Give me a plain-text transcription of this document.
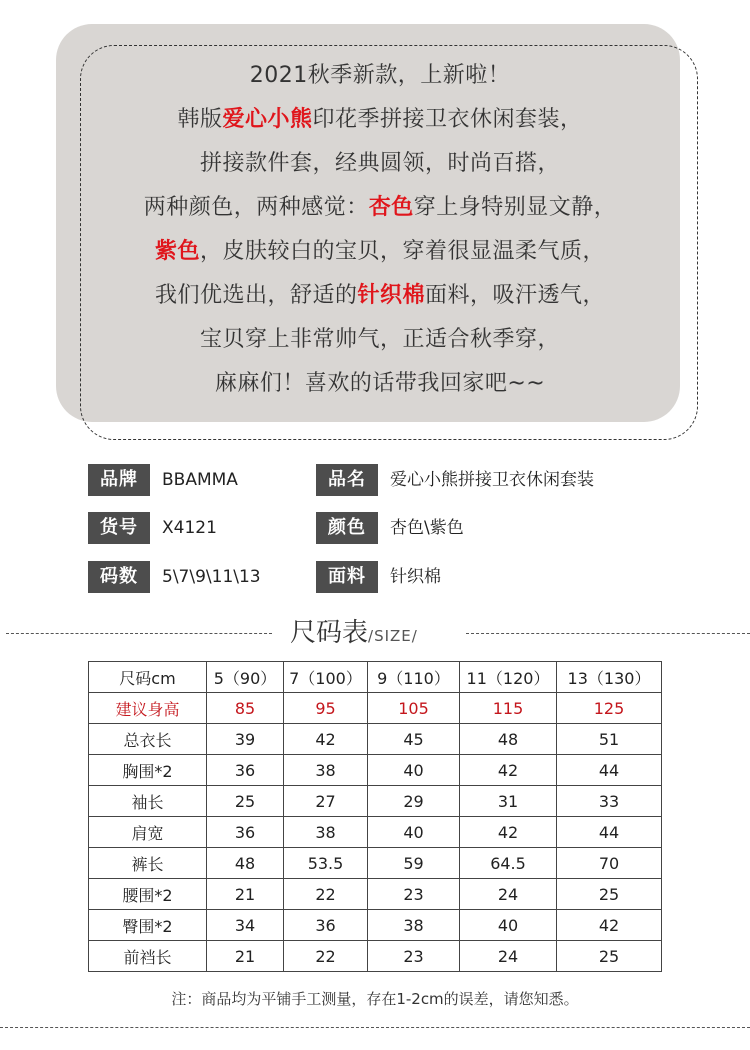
2021秋季新款，上新啦！
韩版爱心小熊印花季拼接卫衣休闲套装，
拼接款件套，经典圆领，时尚百搭，
两种颜色，两种感觉：杏色穿上身特别显文静，
紫色，皮肤较白的宝贝，穿着很显温柔气质，
我们优选出，舒适的针织棉面料，吸汗透气，
宝贝穿上非常帅气，正适合秋季穿，
麻麻们！喜欢的话带我回家吧~~
品牌 BBAMMA	品名 爱心小熊拼接卫衣休闲套装
货号 X4121	颜色 杏色\紫色
码数 5\7\9\11\13	面料 针织棉
尺码表/SIZE/
尺码cm	5（90）	7（100）	9（110）	11（120）	13（130）
建议身高	85	95	105	115	125
总衣长	39	42	45	48	51
胸围*2	36	38	40	42	44
袖长	25	27	29	31	33
肩宽	36	38	40	42	44
裤长	48	53.5	59	64.5	70
腰围*2	21	22	23	24	25
臀围*2	34	36	38	40	42
前裆长	21	22	23	24	25
注：商品均为平铺手工测量，存在1-2cm的误差，请您知悉。
